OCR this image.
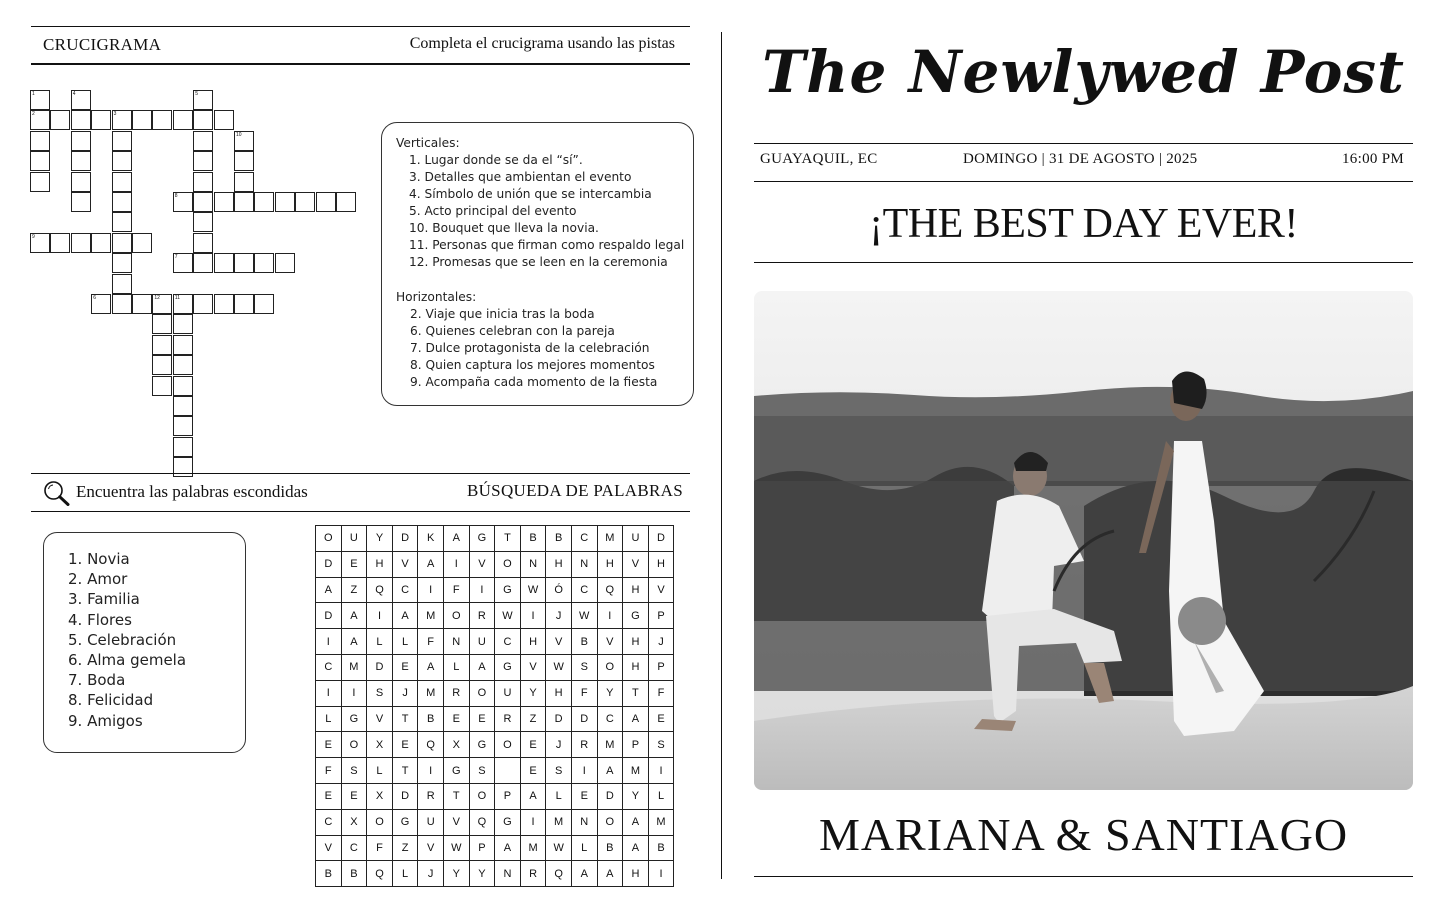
CRUCIGRAMA	Completa el crucigrama usando las pistas
1
2
4
3
5
10
12	11
8
9
7
6
Verticales:
1. Lugar donde se da el “sí”.
3. Detalles que ambientan el evento
4. Símbolo de unión que se intercambia
5. Acto principal del evento
10. Bouquet que lleva la novia.
11. Personas que firman como respaldo legal
12. Promesas que se leen en la ceremonia
Horizontales:
2. Viaje que inicia tras la boda
6. Quienes celebran con la pareja
7. Dulce protagonista de la celebración
8. Quien captura los mejores momentos
9. Acompaña cada momento de la fiesta
Encuentra las palabras escondidas	BÚSQUEDA DE PALABRAS
1. Novia
2. Amor
3. Familia
4. Flores
5. Celebración
6. Alma gemela
7. Boda
8. Felicidad
9. Amigos
O	U	Y	D	K	A	G	T	B	B	C	M	U	D
D	E	H	V	A	I	V	O	N	H	N	H	V	H
A	Z	Q	C	I	F	I	G	W	Ó	C	Q	H	V
D	A	I	A	M	O	R	W	I	J	W	I	G	P
I	A	L	L	F	N	U	C	H	V	B	V	H	J
C	M	D	E	A	L	A	G	V	W	S	O	H	P
I	I	S	J	M	R	O	U	Y	H	F	Y	T	F
L	G	V	T	B	E	E	R	Z	D	D	C	A	E
E	O	X	E	Q	X	G	O	E	J	R	M	P	S
F	S	L	T	I	G	S		E	S	I	A	M	I
E	E	X	D	R	T	O	P	A	L	E	D	Y	L
C	X	O	G	U	V	Q	G	I	M	N	O	A	M
V	C	F	Z	V	W	P	A	M	W	L	B	A	B
B	B	Q	L	J	Y	Y	N	R	Q	A	A	H	I
The Newlywed Post
GUAYAQUIL, EC	DOMINGO | 31 DE AGOSTO | 2025	16:00 PM
¡THE BEST DAY EVER!
MARIANA & SANTIAGO
